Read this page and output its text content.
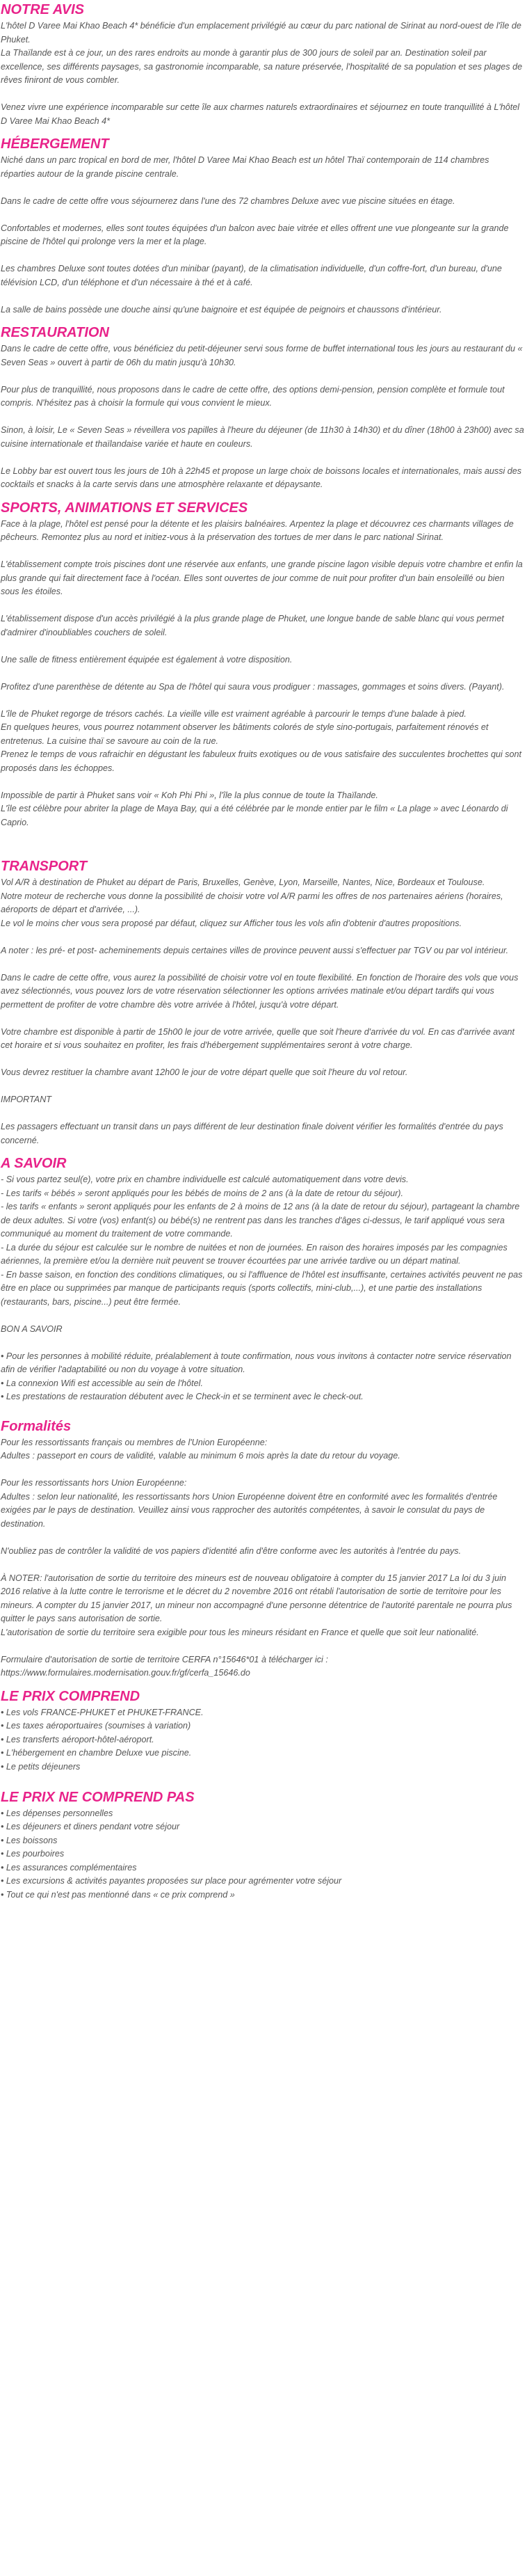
NOTRE AVIS

L'hôtel D Varee Mai Khao Beach 4* bénéficie d'un emplacement privilégié au cœur du parc national de Sirinat au nord-ouest de l'île de Phuket.

La Thaïlande est à ce jour, un des rares endroits au monde à garantir plus de 300 jours de soleil par an. Destination soleil par excellence, ses différents paysages, sa gastronomie incomparable, sa nature préservée, l'hospitalité de sa population et ses plages de rêves finiront de vous combler.

Venez vivre une expérience incomparable sur cette île aux charmes naturels extraordinaires et séjournez en toute tranquillité à L'hôtel D Varee Mai Khao Beach 4*

HÉBERGEMENT

Niché dans un parc tropical en bord de mer, l'hôtel D Varee Mai Khao Beach est un hôtel Thaï contemporain de 114 chambres réparties autour de la grande piscine centrale.

Dans le cadre de cette offre vous séjournerez dans l'une des 72 chambres Deluxe avec vue piscine situées en étage.

Confortables et modernes, elles sont toutes équipées d'un balcon avec baie vitrée et elles offrent une vue plongeante sur la grande piscine de l'hôtel qui prolonge vers la mer et la plage.

Les chambres Deluxe sont toutes dotées d'un minibar (payant), de la climatisation individuelle, d'un coffre-fort, d'un bureau, d'une télévision LCD, d'un téléphone et d'un nécessaire à thé et à café.

La salle de bains possède une douche ainsi qu'une baignoire et est équipée de peignoirs et chaussons d'intérieur.

RESTAURATION

Dans le cadre de cette offre, vous bénéficiez du petit-déjeuner servi sous forme de buffet international tous les jours au restaurant du « Seven Seas » ouvert à partir de 06h du matin jusqu'à 10h30.

Pour plus de tranquillité, nous proposons dans le cadre de cette offre, des options demi-pension, pension complète et formule tout compris. N'hésitez pas à choisir la formule qui vous convient le mieux.

Sinon, à loisir, Le « Seven Seas » réveillera vos papilles à l'heure du déjeuner (de 11h30 à 14h30) et du dîner (18h00 à 23h00) avec sa cuisine internationale et thaïlandaise variée et haute en couleurs.

Le Lobby bar est ouvert tous les jours de 10h à 22h45 et propose un large choix de boissons locales et internationales, mais aussi des cocktails et snacks à la carte servis dans une atmosphère relaxante et dépaysante.

SPORTS, ANIMATIONS ET SERVICES

Face à la plage, l'hôtel est pensé pour la détente et les plaisirs balnéaires. Arpentez la plage et découvrez ces charmants villages de pêcheurs. Remontez plus au nord et initiez-vous à la préservation des tortues de mer dans le parc national Sirinat.

L'établissement compte trois piscines dont une réservée aux enfants, une grande piscine lagon visible depuis votre chambre et enfin la plus grande qui fait directement face à l'océan. Elles sont ouvertes de jour comme de nuit pour profiter d'un bain ensoleillé ou bien sous les étoiles.

L'établissement dispose d'un accès privilégié à la plus grande plage de Phuket, une longue bande de sable blanc qui vous permet d'admirer d'inoubliables couchers de soleil.

Une salle de fitness entièrement équipée est également à votre disposition.

Profitez d'une parenthèse de détente au Spa de l'hôtel qui saura vous prodiguer : massages, gommages et soins divers. (Payant).

L'île de Phuket regorge de trésors cachés. La vieille ville est vraiment agréable à parcourir le temps d'une balade à pied.

En quelques heures, vous pourrez notamment observer les bâtiments colorés de style sino-portugais, parfaitement rénovés et entretenus. La cuisine thaï se savoure au coin de la rue.

Prenez le temps de vous rafraichir en dégustant les fabuleux fruits exotiques ou de vous satisfaire des succulentes brochettes qui sont proposés dans les échoppes.

Impossible de partir à Phuket sans voir « Koh Phi Phi », l'île la plus connue de toute la Thaïlande.

L'île est célèbre pour abriter la plage de Maya Bay, qui a été célébrée par le monde entier par le film « La plage » avec Léonardo di Caprio.

TRANSPORT

Vol A/R à destination de Phuket au départ de Paris, Bruxelles, Genève, Lyon, Marseille, Nantes, Nice, Bordeaux et Toulouse.

Notre moteur de recherche vous donne la possibilité de choisir votre vol A/R parmi les offres de nos partenaires aériens (horaires, aéroports de départ et d'arrivée, ...).

Le vol le moins cher vous sera proposé par défaut, cliquez sur Afficher tous les vols afin d'obtenir d'autres propositions.

A noter : les pré- et post- acheminements depuis certaines villes de province peuvent aussi s'effectuer par TGV ou par vol intérieur.

Dans le cadre de cette offre, vous aurez la possibilité de choisir votre vol en toute flexibilité. En fonction de l'horaire des vols que vous avez sélectionnés, vous pouvez lors de votre réservation sélectionner les options arrivées matinale et/ou départ tardifs qui vous permettent de profiter de votre chambre dès votre arrivée à l'hôtel, jusqu'à votre départ.

Votre chambre est disponible à partir de 15h00 le jour de votre arrivée, quelle que soit l'heure d'arrivée du vol. En cas d'arrivée avant cet horaire et si vous souhaitez en profiter, les frais d'hébergement supplémentaires seront à votre charge.

Vous devrez restituer la chambre avant 12h00 le jour de votre départ quelle que soit l'heure du vol retour.

IMPORTANT

Les passagers effectuant un transit dans un pays différent de leur destination finale doivent vérifier les formalités d'entrée du pays concerné.

A SAVOIR

- Si vous partez seul(e), votre prix en chambre individuelle est calculé automatiquement dans votre devis.

- Les tarifs « bébés » seront appliqués pour les bébés de moins de 2 ans (à la date de retour du séjour).

- les tarifs « enfants » seront appliqués pour les enfants de 2 à moins de 12 ans (à la date de retour du séjour), partageant la chambre de deux adultes. Si votre (vos) enfant(s) ou bébé(s) ne rentrent pas dans les tranches d'âges ci-dessus, le tarif appliqué vous sera communiqué au moment du traitement de votre commande.

- La durée du séjour est calculée sur le nombre de nuitées et non de journées. En raison des horaires imposés par les compagnies aériennes, la première et/ou la dernière nuit peuvent se trouver écourtées par une arrivée tardive ou un départ matinal.

- En basse saison, en fonction des conditions climatiques, ou si l'affluence de l'hôtel est insuffisante, certaines activités peuvent ne pas être en place ou supprimées par manque de participants requis (sports collectifs, mini-club,...), et une partie des installations (restaurants, bars, piscine...) peut être fermée.

BON A SAVOIR

• Pour les personnes à mobilité réduite, préalablement à toute confirmation, nous vous invitons à contacter notre service réservation afin de vérifier l'adaptabilité ou non du voyage à votre situation.
• La connexion Wifi est accessible au sein de l'hôtel.
• Les prestations de restauration débutent avec le Check-in et se terminent avec le check-out.
Formalités

Pour les ressortissants français ou membres de l'Union Européenne:

Adultes : passeport en cours de validité, valable au minimum 6 mois après la date du retour du voyage.

Pour les ressortissants hors Union Européenne:

Adultes : selon leur nationalité, les ressortissants hors Union Européenne doivent être en conformité avec les formalités d'entrée exigées par le pays de destination. Veuillez ainsi vous rapprocher des autorités compétentes, à savoir le consulat du pays de destination.

N'oubliez pas de contrôler la validité de vos papiers d'identité afin d'être conforme avec les autorités à l'entrée du pays.

À NOTER: l'autorisation de sortie du territoire des mineurs est de nouveau obligatoire à compter du 15 janvier 2017 La loi du 3 juin 2016 relative à la lutte contre le terrorisme et le décret du 2 novembre 2016 ont rétabli l'autorisation de sortie de territoire pour les mineurs. A compter du 15 janvier 2017, un mineur non accompagné d'une personne détentrice de l'autorité parentale ne pourra plus quitter le pays sans autorisation de sortie.

L'autorisation de sortie du territoire sera exigible pour tous les mineurs résidant en France et quelle que soit leur nationalité.

Formulaire d'autorisation de sortie de territoire CERFA n°15646*01 à télécharger ici :

https://www.formulaires.modernisation.gouv.fr/gf/cerfa_15646.do

LE PRIX COMPREND
• Les vols FRANCE-PHUKET et PHUKET-FRANCE.
• Les taxes aéroportuaires (soumises à variation)
• Les transferts aéroport-hôtel-aéroport.
• L'hébergement en chambre Deluxe vue piscine.
• Le petits déjeuners
LE PRIX NE COMPREND PAS
• Les dépenses personnelles
• Les déjeuners et diners pendant votre séjour
• Les boissons
• Les pourboires
• Les assurances complémentaires
• Les excursions & activités payantes proposées sur place pour agrémenter votre séjour
• Tout ce qui n'est pas mentionné dans « ce prix comprend »
